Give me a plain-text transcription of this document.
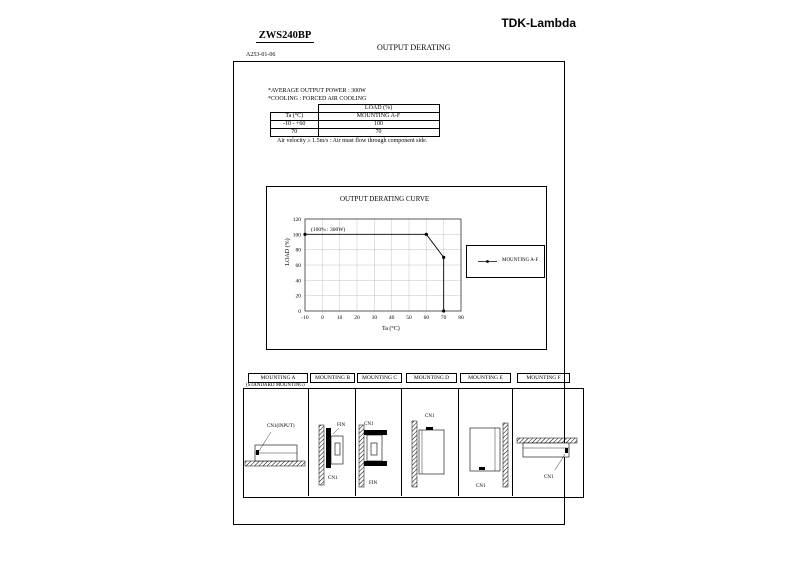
TDK-Lambda
ZWS240BP
OUTPUT DERATING
A253-01-06
*AVERAGE OUTPUT POWER : 300W
*COOLING : FORCED AIR COOLING
	LOAD (%)
Ta (°C)	MOUNTING A-F
-10 - +60	100
70	70
Air velocity ≥ 1.5m/s : Air must flow through component side.
OUTPUT DERATING CURVE
-10 0 10 20 30 40 50 60 70 80
0
20
40
60
80
100
120
(100% : 300W)
Ta (°C)
LOAD (%)	MOUNTING A-F
MOUNTING A	MOUNTING B	MOUNTING C	MOUNTING D	MOUNTING E	MOUNTING F
(STANDARD MOUNTING)
CN1(INPUT)	FIN
CN1
CN1
FIN
CN1
CN1
CN1
